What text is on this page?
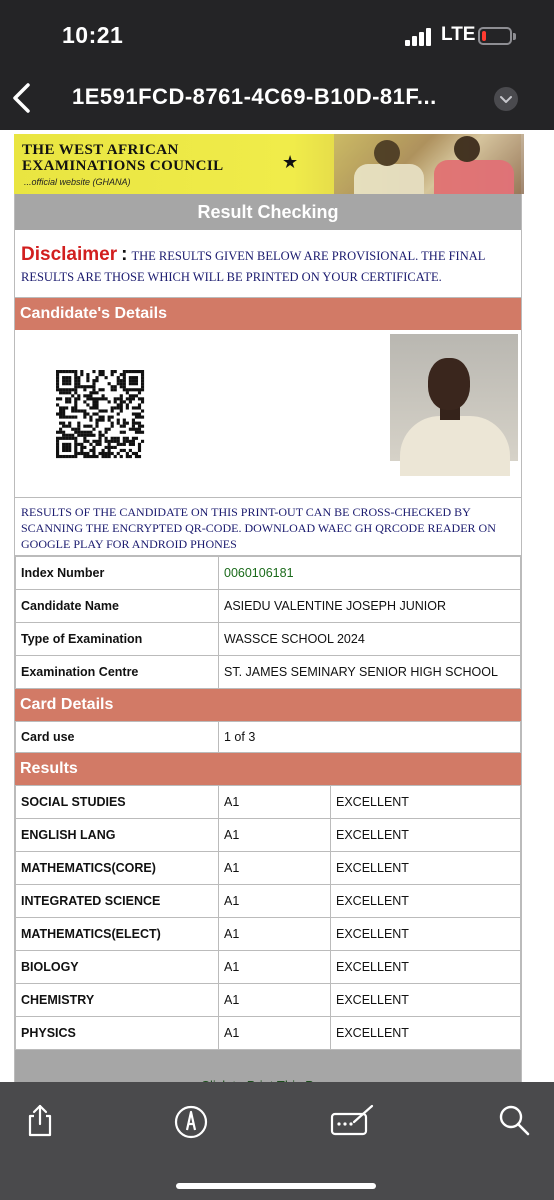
10:21	LTE
1E591FCD-8761-4C69-B10D-81F...
THE WEST AFRICAN
EXAMINATIONS COUNCIL
...official website (GHANA)
★
Result Checking
Disclaimer : THE RESULTS GIVEN BELOW ARE PROVISIONAL. THE FINAL
RESULTS ARE THOSE WHICH WILL BE PRINTED ON YOUR CERTIFICATE.
Candidate's Details
RESULTS OF THE CANDIDATE ON THIS PRINT-OUT CAN BE CROSS-CHECKED BY SCANNING THE ENCRYPTED QR-CODE. DOWNLOAD WAEC GH QRCODE READER ON GOOGLE PLAY FOR ANDROID PHONES
Index Number	0060106181
Candidate Name	ASIEDU VALENTINE JOSEPH JUNIOR
Type of Examination	WASSCE SCHOOL 2024
Examination Centre	ST. JAMES SEMINARY SENIOR HIGH SCHOOL
Card Details
Card use	1 of 3
Results
SOCIAL STUDIES	A1	EXCELLENT
ENGLISH LANG	A1	EXCELLENT
MATHEMATICS(CORE)	A1	EXCELLENT
INTEGRATED SCIENCE	A1	EXCELLENT
MATHEMATICS(ELECT)	A1	EXCELLENT
BIOLOGY	A1	EXCELLENT
CHEMISTRY	A1	EXCELLENT
PHYSICS	A1	EXCELLENT
